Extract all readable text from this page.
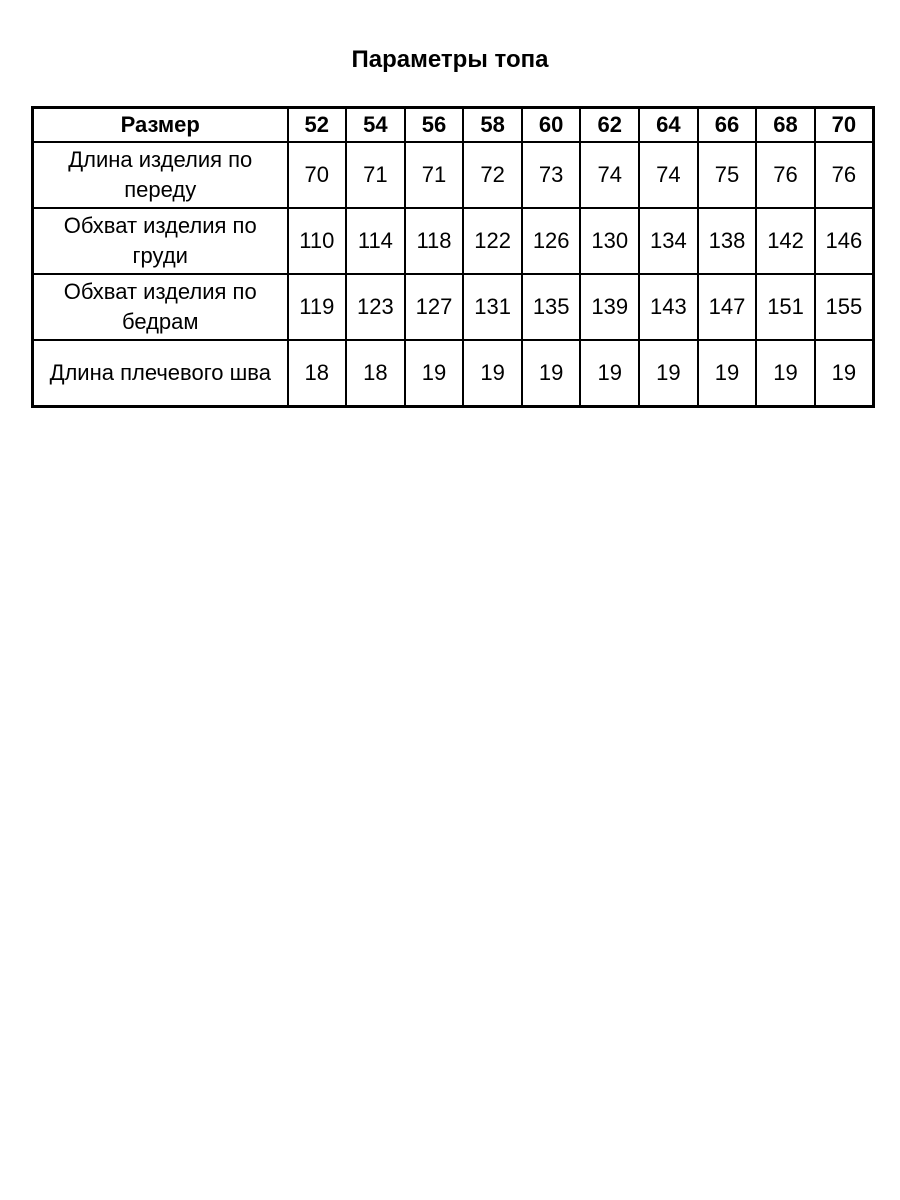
Параметры топа
Размер	52	54	56	58	60	62	64	66	68	70
Длина изделия по переду	70	71	71	72	73	74	74	75	76	76
Обхват изделия по груди	110	114	118	122	126	130	134	138	142	146
Обхват изделия по бедрам	119	123	127	131	135	139	143	147	151	155
Длина плечевого шва	18	18	19	19	19	19	19	19	19	19
